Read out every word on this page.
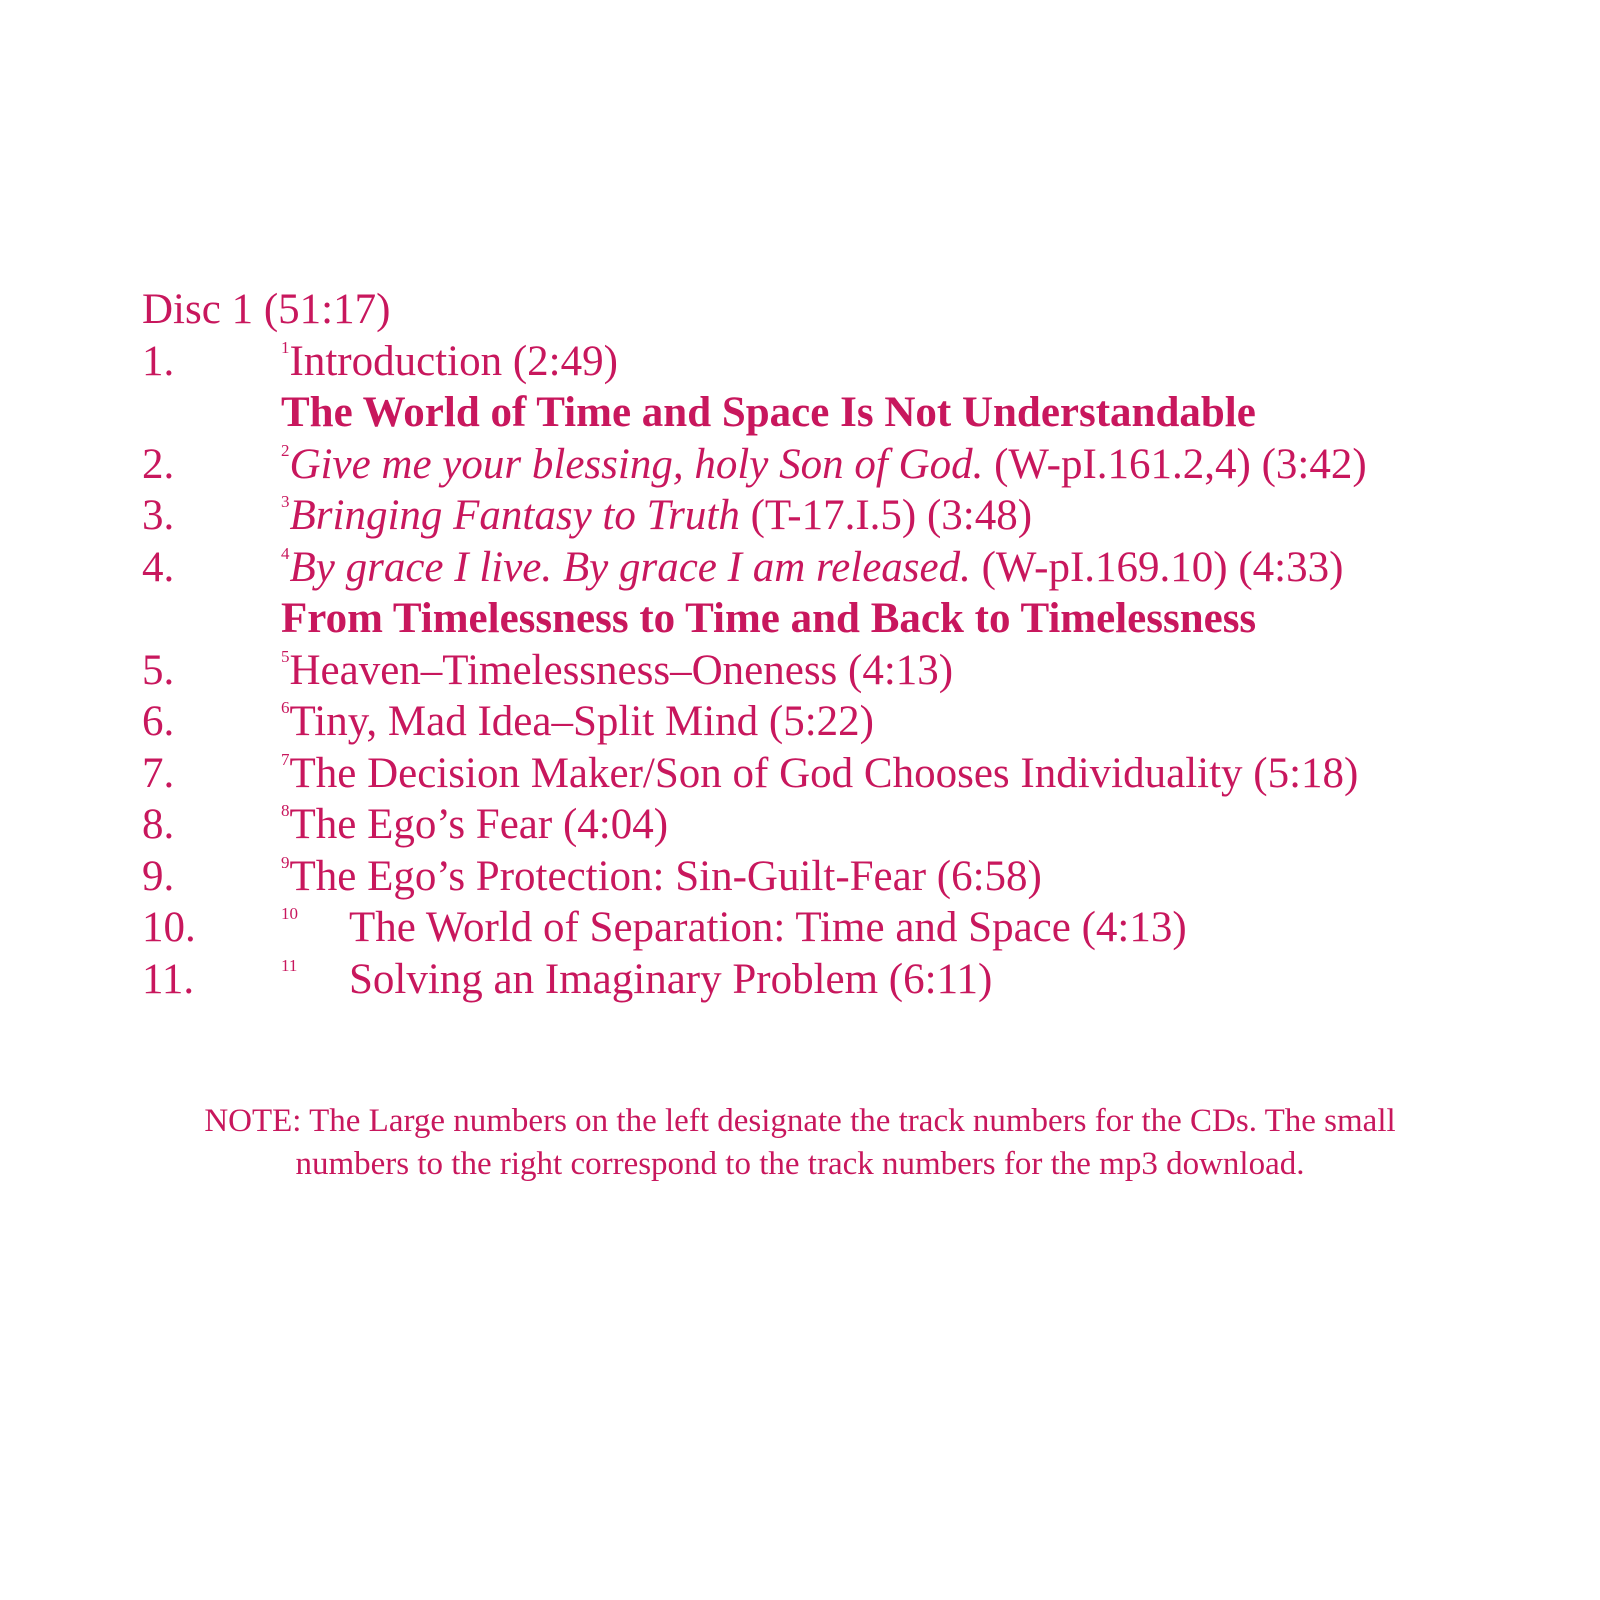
Disc 1 (51:17)
1.	$^1$Introduction (2:49)
The World of Time and Space Is Not Understandable
2.	$^2$Give me your blessing, holy Son of God. (W-pI.161.2,4) (3:42)
3.	$^3$Bringing Fantasy to Truth (T-17.I.5) (3:48)
4.	$^4$By grace I live. By grace I am released. (W-pI.169.10) (4:33)
From Timelessness to Time and Back to Timelessness
5.	$^5$Heaven–Timelessness–Oneness (4:13)
6.	$^6$Tiny, Mad Idea–Split Mind (5:22)
7.	$^7$The Decision Maker/Son of God Chooses Individuality (5:18)
8.	$^8$The Ego’s Fear (4:04)
9.	$^9$The Ego’s Protection: Sin-Guilt-Fear (6:58)
10.	10 The World of Separation: Time and Space (4:13)
11.	11 Solving an Imaginary Problem (6:11)
NOTE: The Large numbers on the left designate the track numbers for the CDs. The small
numbers to the right correspond to the track numbers for the mp3 download.
